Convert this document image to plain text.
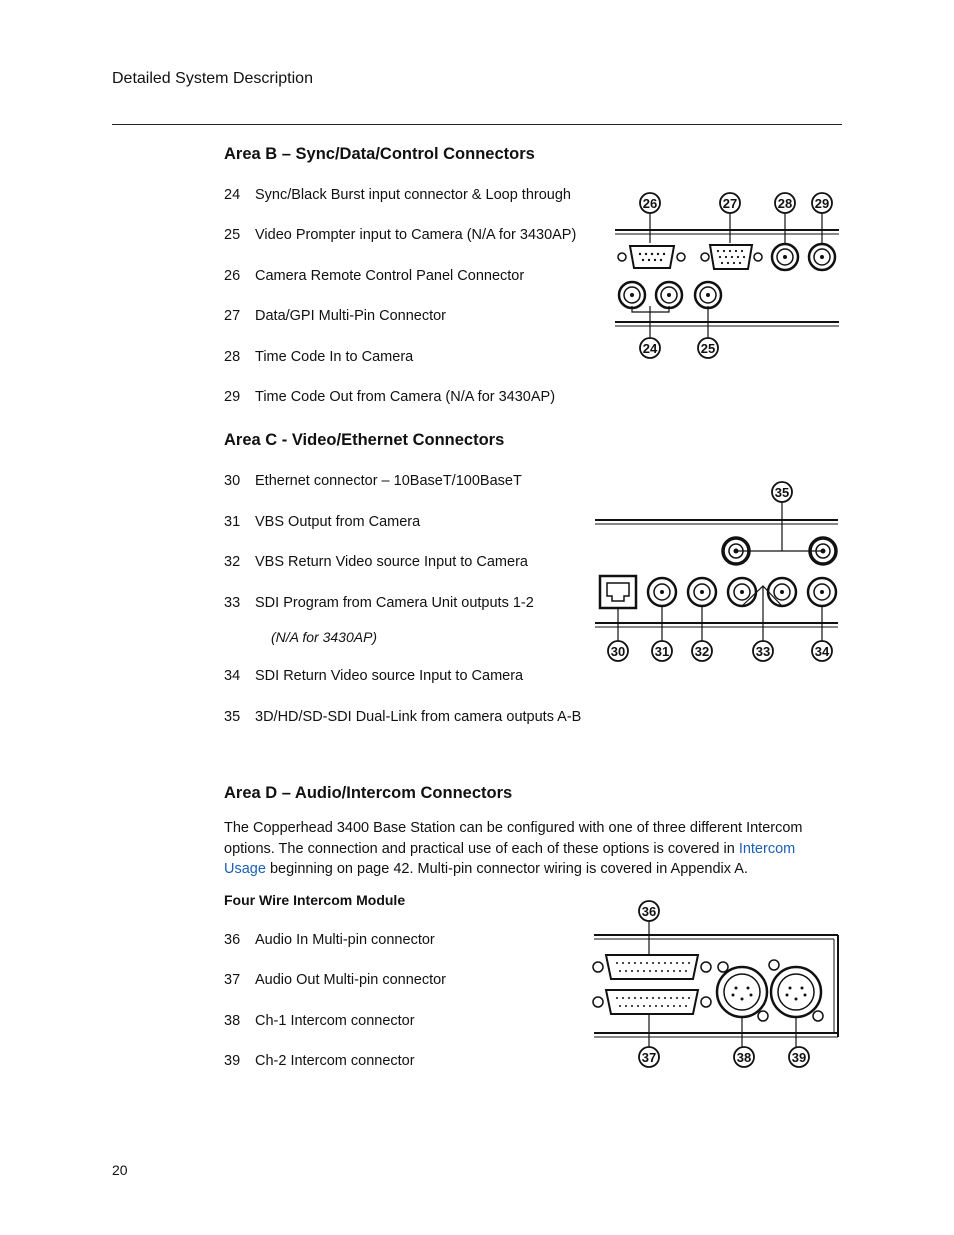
Detailed System Description
Area B – Sync/Data/Control Connectors
24 Sync/Black Burst input connector & Loop through
25 Video Prompter input to Camera (N/A for 3430AP)
26 Camera Remote Control Panel Connector
27 Data/GPI Multi-Pin Connector
28 Time Code In to Camera
29 Time Code Out from Camera (N/A for 3430AP)
26	27	28 29
24	25
Area C - Video/Ethernet Connectors
30 Ethernet connector – 10BaseT/100BaseT
31 VBS Output from Camera
32 VBS Return Video source Input to Camera
33 SDI Program from Camera Unit outputs 1-2
(N/A for 3430AP)
34 SDI Return Video source Input to Camera
35 3D/HD/SD-SDI Dual-Link from camera outputs A-B
35
30 31 32	33	34
Area D – Audio/Intercom Connectors
The Copperhead 3400 Base Station can be configured with one of three different Intercom options. The connection and practical use of each of these options is covered in Intercom Usage beginning on page 42. Multi-pin connector wiring is covered in Appendix A.
Four Wire Intercom Module
36 Audio In Multi-pin connector
37 Audio Out Multi-pin connector
38 Ch-1 Intercom connector
39 Ch-2 Intercom connector
36
37	38	39
20
